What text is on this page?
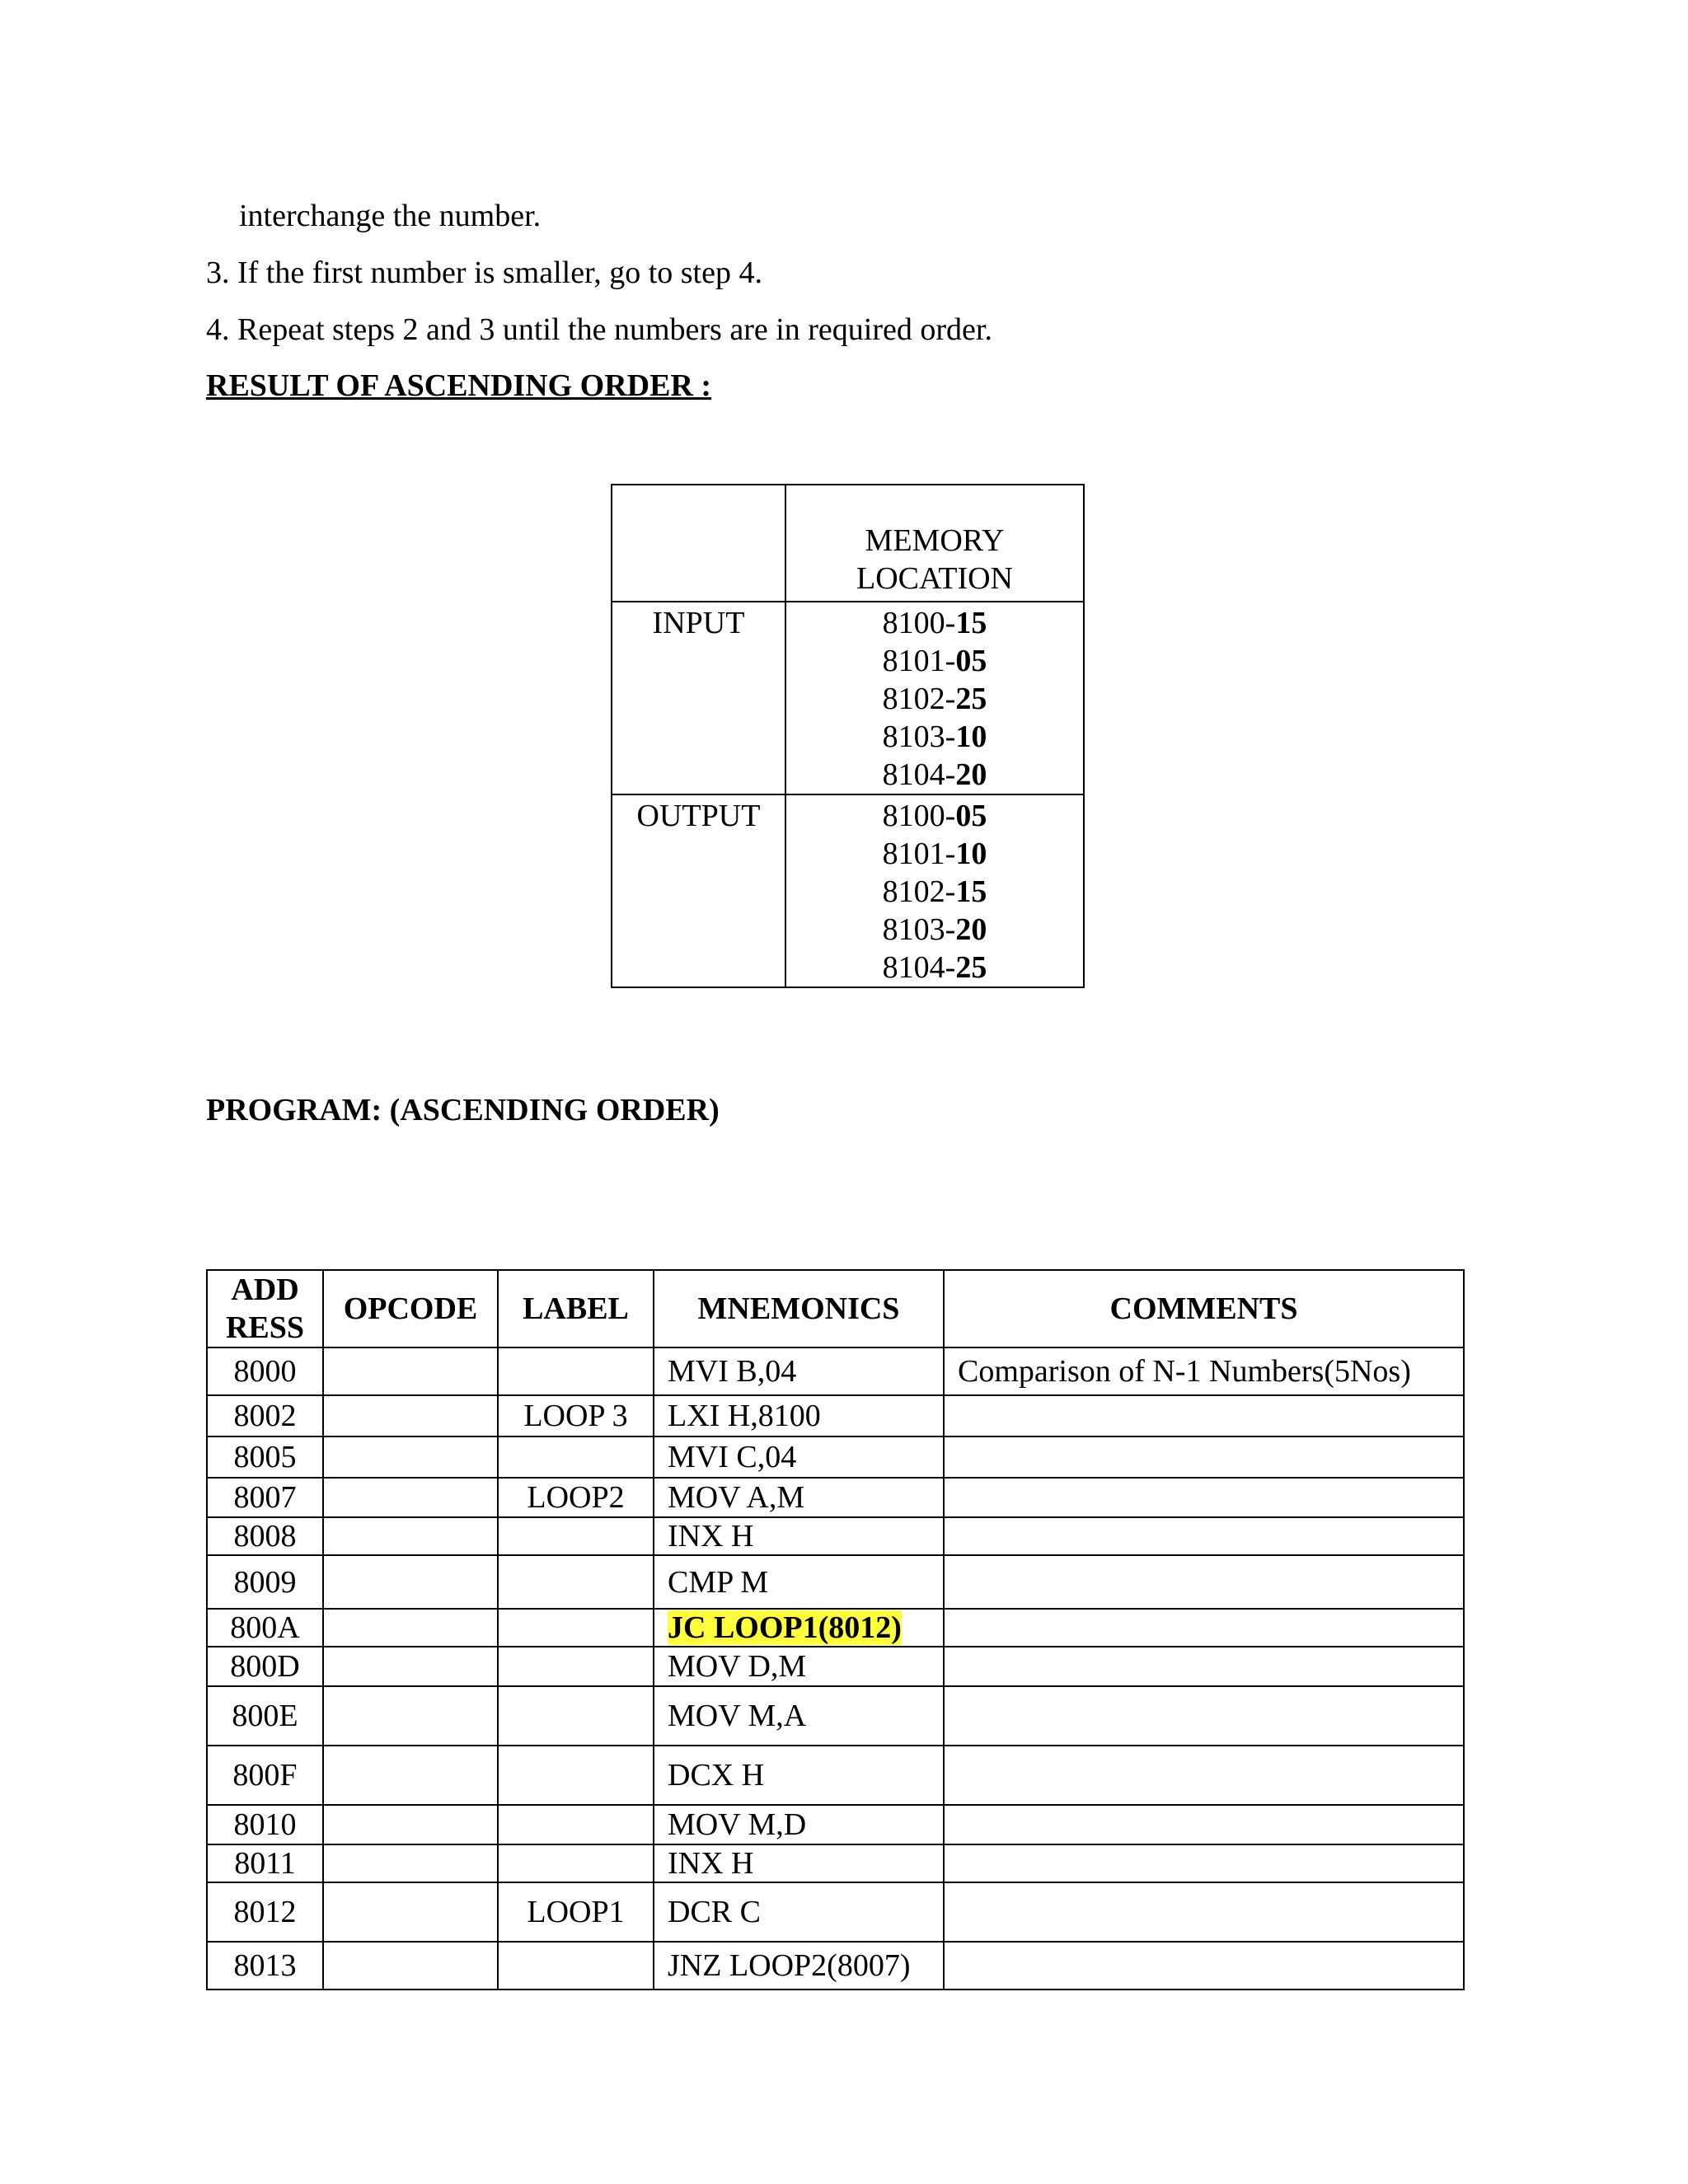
interchange the number.
3. If the first number is smaller, go to step 4.
4. Repeat steps 2 and 3 until the numbers are in required order.
RESULT OF ASCENDING ORDER :

	MEMORY
LOCATION

INPUT	8100-15
8101-05
8102-25
8103-10
8104-20

OUTPUT	8100-05
8101-10
8102-15
8103-20
8104-25
PROGRAM: (ASCENDING ORDER)
ADD
RESS	OPCODE	LABEL	MNEMONICS	COMMENTS
8000			MVI B,04	Comparison of N-1 Numbers(5Nos)
8002		LOOP 3	LXI H,8100	
8005			MVI C,04	
8007		LOOP2	MOV A,M	
8008			INX H	
8009			CMP M	
800A			JC LOOP1(8012)	
800D			MOV D,M	
800E			MOV M,A	
800F			DCX H	
8010			MOV M,D	
8011			INX H	
8012		LOOP1	DCR C	
8013			JNZ LOOP2(8007)	
